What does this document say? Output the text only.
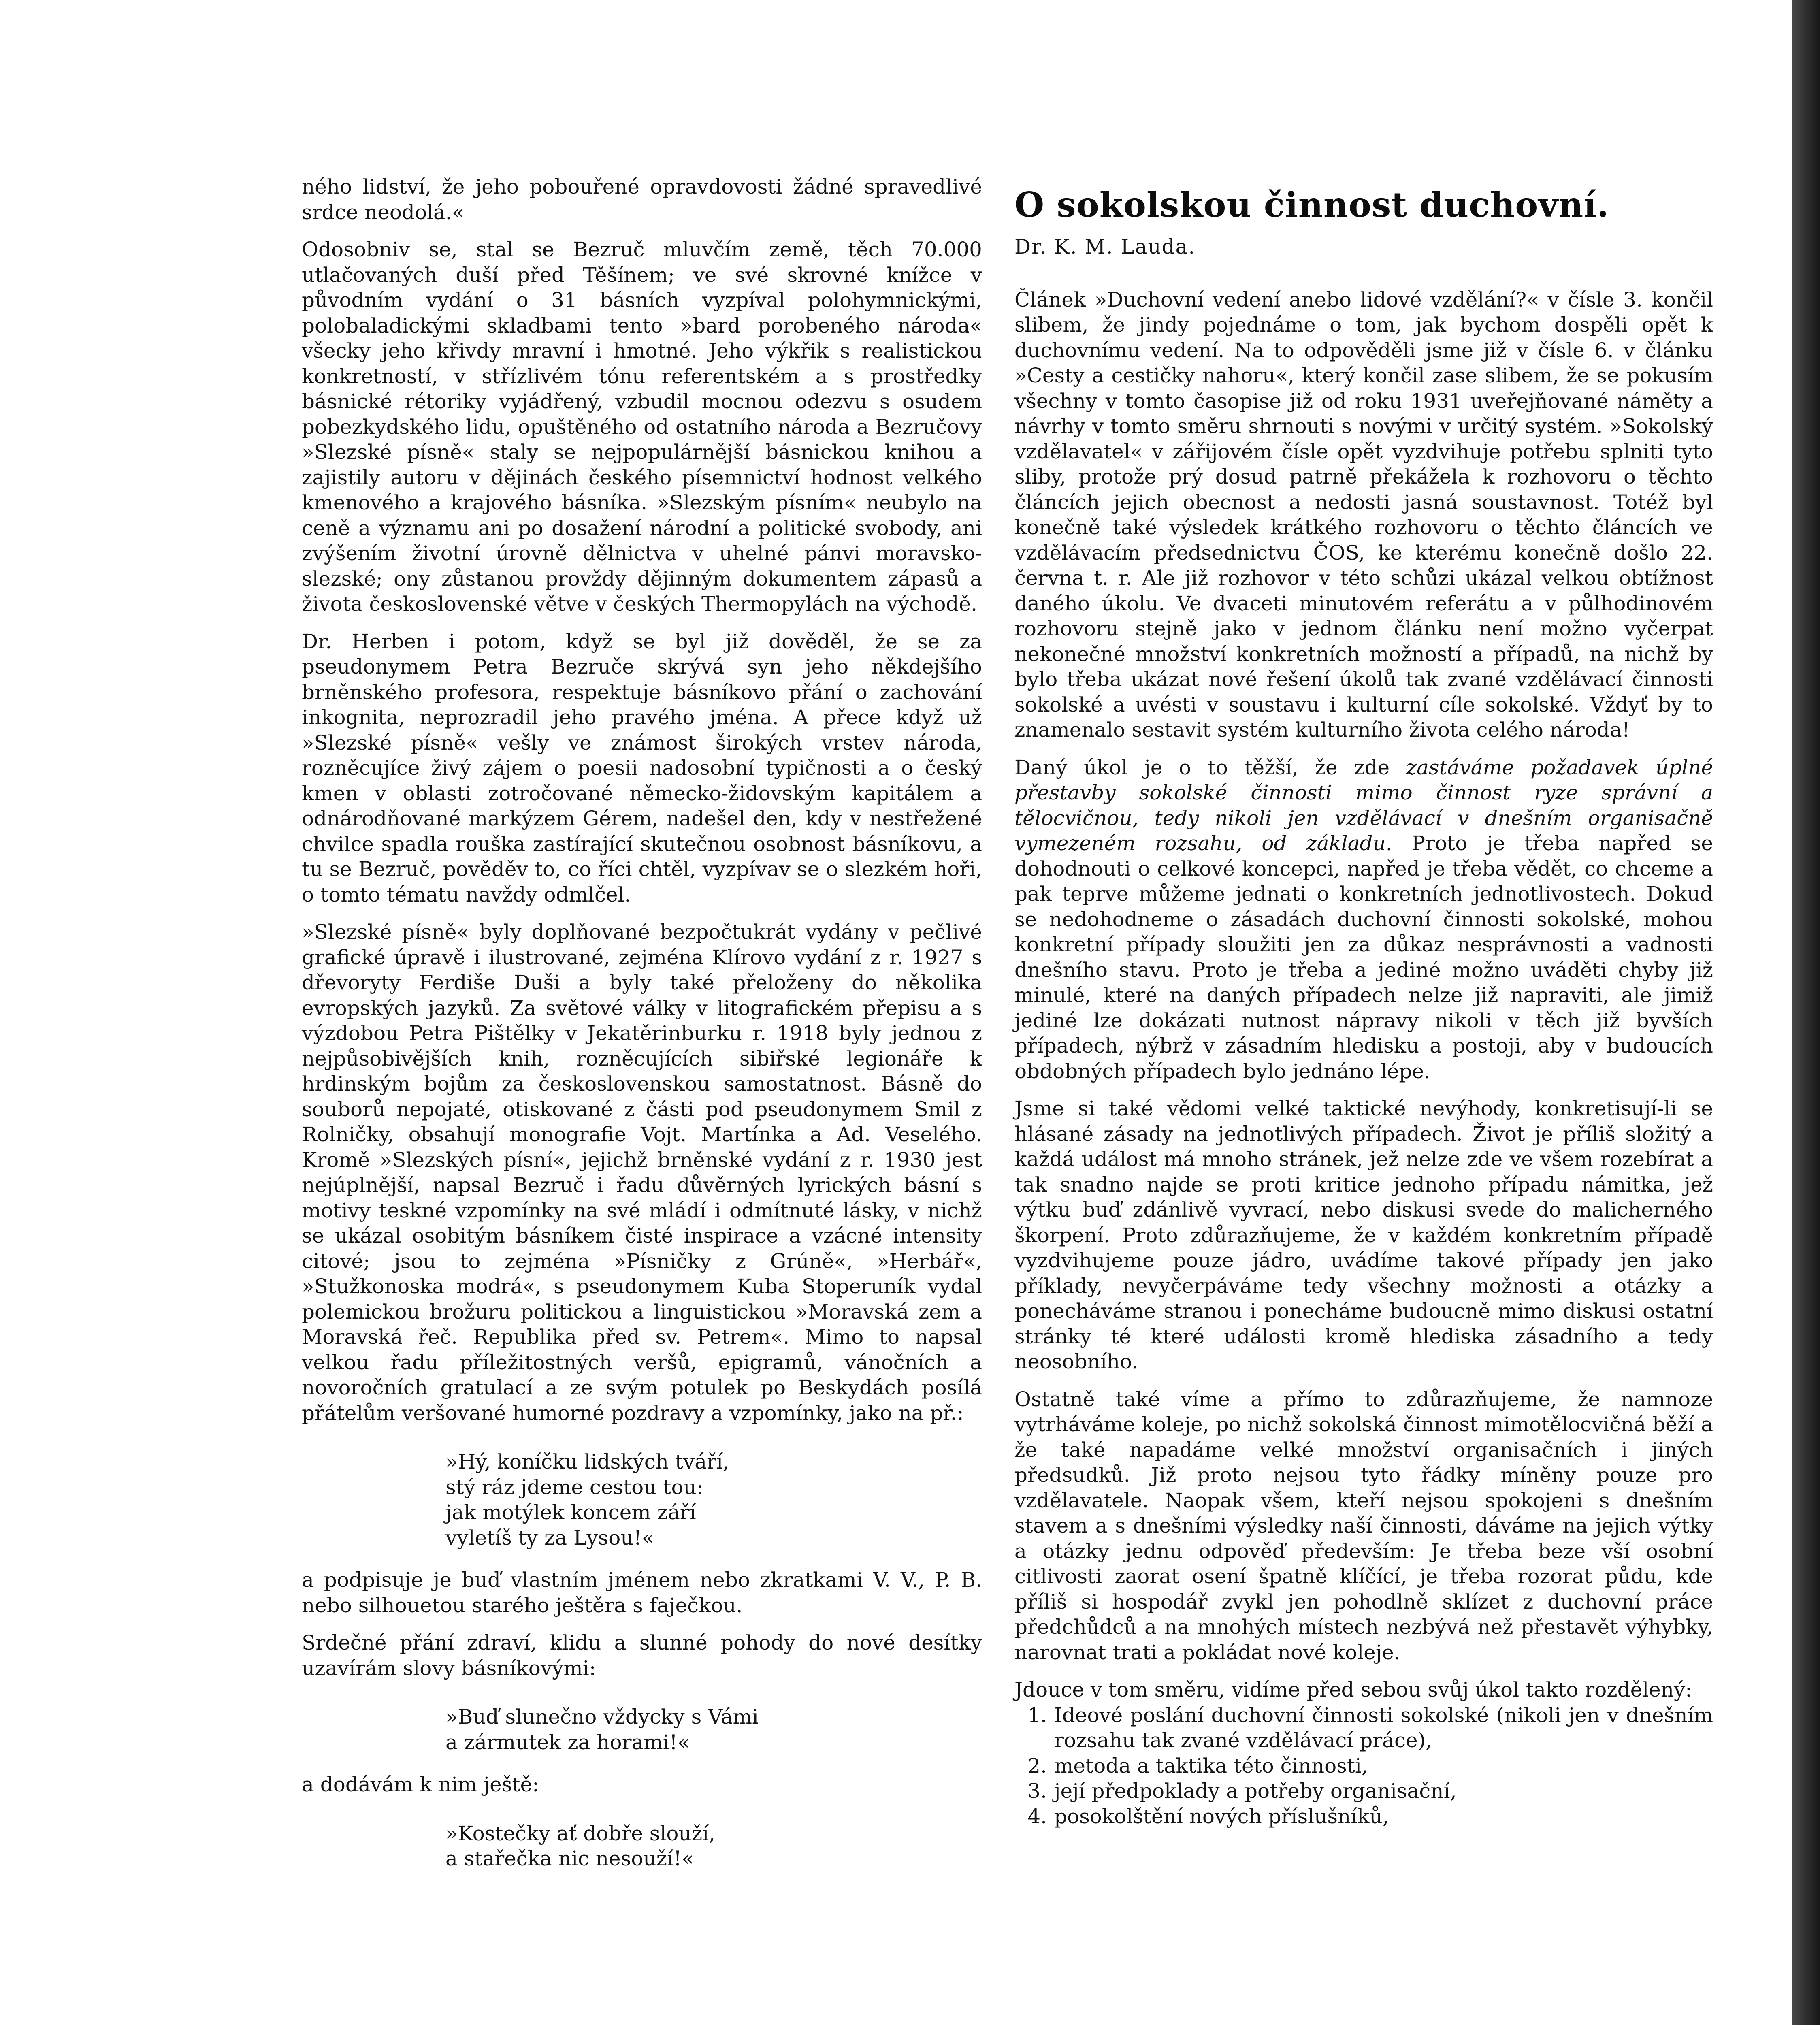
ného lidství, že jeho pobouřené opravdovosti žádné spravedlivé srdce neodolá.«

Odosobniv se, stal se Bezruč mluvčím země, těch 70.000 utlačovaných duší před Těšínem; ve své skrovné knížce v původním vydání o 31 básních vyzpíval polohymnickými, polobaladickými skladbami tento »bard porobeného národa« všecky jeho křivdy mravní i hmotné. Jeho výkřik s realistickou konkretností, v střízlivém tónu referentském a s prostředky básnické rétoriky vyjádřený, vzbudil mocnou odezvu s osudem pobezkydského lidu, opuštěného od ostatního národa a Bezručovy »Slezské písně« staly se nejpopulárnější básnickou knihou a zajistily autoru v dějinách českého písemnictví hodnost velkého kmenového a krajového básníka. »Slezským písním« neubylo na ceně a významu ani po dosažení národní a politické svobody, ani zvýšením životní úrovně dělnictva v uhelné pánvi moravsko-slezské; ony zůstanou provždy dějinným dokumentem zápasů a života československé větve v českých Thermopylách na východě.

Dr. Herben i potom, když se byl již dověděl, že se za pseudonymem Petra Bezruče skrývá syn jeho někdejšího brněnského profesora, respektuje básníkovo přání o zachování inkognita, neprozradil jeho pravého jména. A přece když už »Slezské písně« vešly ve známost širokých vrstev národa, rozněcujíce živý zájem o poesii nadosobní typičnosti a o český kmen v oblasti zotročované německo-židovským kapitálem a odnárodňované markýzem Gérem, nadešel den, kdy v nestřežené chvilce spadla rouška zastírající skutečnou osobnost básníkovu, a tu se Bezruč, pověděv to, co říci chtěl, vyzpívav se o slezkém hoři, o tomto tématu navždy odmlčel.

»Slezské písně« byly doplňované bezpočtukrát vydány v pečlivé grafické úpravě i ilustrované, zejména Klírovo vydání z r. 1927 s dřevoryty Ferdiše Duši a byly také přeloženy do několika evropských jazyků. Za světové války v litografickém přepisu a s výzdobou Petra Pištělky v Jekatěrinburku r. 1918 byly jednou z nejpůsobivějších knih, rozněcujících sibiřské legionáře k hrdinským bojům za československou samostatnost. Básně do souborů nepojaté, otiskované z části pod pseudonymem Smil z Rolničky, obsahují monografie Vojt. Martínka a Ad. Veselého. Kromě »Slezských písní«, jejichž brněnské vydání z r. 1930 jest nejúplnější, napsal Bezruč i řadu důvěrných lyrických básní s motivy teskné vzpomínky na své mládí i odmítnuté lásky, v nichž se ukázal osobitým básníkem čisté inspirace a vzácné intensity citové; jsou to zejména »Písničky z Grúně«, »Herbář«, »Stužkonoska modrá«, s pseudonymem Kuba Stoperuník vydal polemickou brožuru politickou a linguistickou »Moravská zem a Moravská řeč. Republika před sv. Petrem«. Mimo to napsal velkou řadu příležitostných veršů, epigramů, vánočních a novoročních gratulací a ze svým potulek po Beskydách posílá přátelům veršované humorné pozdravy a vzpomínky, jako na př.:

»Hý, koníčku lidských tváří,
stý ráz jdeme cestou tou:
jak motýlek koncem září
vyletíš ty za Lysou!«

a podpisuje je buď vlastním jménem nebo zkratkami V. V., P. B. nebo silhouetou starého ještěra s faječkou.

Srdečné přání zdraví, klidu a slunné pohody do nové desítky uzavírám slovy básníkovými:

»Buď slunečno vždycky s Vámi
a zármutek za horami!«

a dodávám k nim ještě:

»Kostečky ať dobře slouží,
a stařečka nic nesouží!«
O sokolskou činnost duchovní.
Dr. K. M. Lauda.

Článek »Duchovní vedení anebo lidové vzdělání?« v čísle 3. končil slibem, že jindy pojednáme o tom, jak bychom dospěli opět k duchovnímu vedení. Na to odpověděli jsme již v čísle 6. v článku »Cesty a cestičky nahoru«, který končil zase slibem, že se pokusím všechny v tomto časopise již od roku 1931 uveřejňované náměty a návrhy v tomto směru shrnouti s novými v určitý systém. »Sokolský vzdělavatel« v zářijovém čísle opět vyzdvihuje potřebu splniti tyto sliby, protože prý dosud patrně překážela k rozhovoru o těchto článcích jejich obecnost a nedosti jasná soustavnost. Totéž byl konečně také výsledek krátkého rozhovoru o těchto článcích ve vzdělávacím předsednictvu ČOS, ke kterému konečně došlo 22. června t. r. Ale již rozhovor v této schůzi ukázal velkou obtížnost daného úkolu. Ve dvaceti minutovém referátu a v půlhodinovém rozhovoru stejně jako v jednom článku není možno vyčerpat nekonečné množství konkretních možností a případů, na nichž by bylo třeba ukázat nové řešení úkolů tak zvané vzdělávací činnosti sokolské a uvésti v soustavu i kulturní cíle sokolské. Vždyť by to znamenalo sestavit systém kulturního života celého národa!

Daný úkol je o to těžší, že zde zastáváme požadavek úplné přestavby sokolské činnosti mimo činnost ryze správní a tělocvičnou, tedy nikoli jen vzdělávací v dnešním organisačně vymezeném rozsahu, od základu. Proto je třeba napřed se dohodnouti o celkové koncepci, napřed je třeba vědět, co chceme a pak teprve můžeme jednati o konkretních jednotlivostech. Dokud se nedohodneme o zásadách duchovní činnosti sokolské, mohou konkretní případy sloužiti jen za důkaz nesprávnosti a vadnosti dnešního stavu. Proto je třeba a jediné možno uváděti chyby již minulé, které na daných případech nelze již napraviti, ale jimiž jediné lze dokázati nutnost nápravy nikoli v těch již byvších případech, nýbrž v zásadním hledisku a postoji, aby v budoucích obdobných případech bylo jednáno lépe.

Jsme si také vědomi velké taktické nevýhody, konkretisují-li se hlásané zásady na jednotlivých případech. Život je příliš složitý a každá událost má mnoho stránek, jež nelze zde ve všem rozebírat a tak snadno najde se proti kritice jednoho případu námitka, jež výtku buď zdánlivě vyvrací, nebo diskusi svede do malicherného škorpení. Proto zdůrazňujeme, že v každém konkretním případě vyzdvihujeme pouze jádro, uvádíme takové případy jen jako příklady, nevyčerpáváme tedy všechny možnosti a otázky a ponecháváme stranou i ponecháme budoucně mimo diskusi ostatní stránky té které události kromě hlediska zásadního a tedy neosobního.

Ostatně také víme a přímo to zdůrazňujeme, že namnoze vytrháváme koleje, po nichž sokolská činnost mimotělocvičná běží a že také napadáme velké množství organisačních i jiných předsudků. Již proto nejsou tyto řádky míněny pouze pro vzdělavatele. Naopak všem, kteří nejsou spokojeni s dnešním stavem a s dnešními výsledky naší činnosti, dáváme na jejich výtky a otázky jednu odpověď především: Je třeba beze vší osobní citlivosti zaorat osení špatně klíčící, je třeba rozorat půdu, kde příliš si hospodář zvykl jen pohodlně sklízet z duchovní práce předchůdců a na mnohých místech nezbývá než přestavět výhybky, narovnat trati a pokládat nové koleje.

Jdouce v tom směru, vidíme před sebou svůj úkol takto rozdělený:

1. Ideové poslání duchovní činnosti sokolské (nikoli jen v dnešním rozsahu tak zvané vzdělávací práce),
2. metoda a taktika této činnosti,
3. její předpoklady a potřeby organisační,
4. posokolštění nových příslušníků,
